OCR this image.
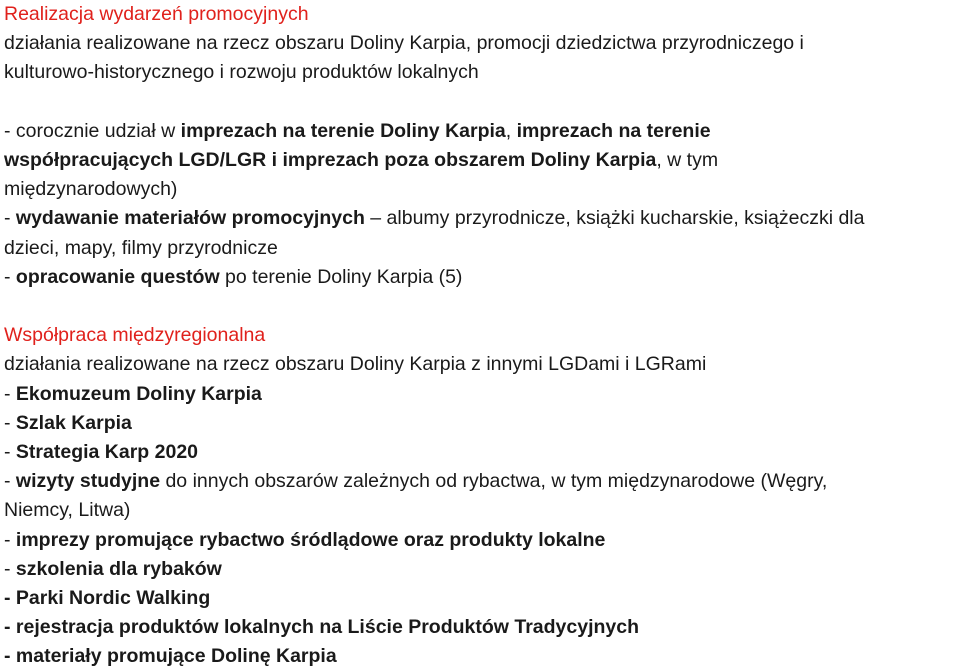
Realizacja wydarzeń promocyjnych
działania realizowane na rzecz obszaru Doliny Karpia, promocji dziedzictwa przyrodniczego i
kulturowo-historycznego i rozwoju produktów lokalnych
- corocznie udział w imprezach na terenie Doliny Karpia, imprezach na terenie
współpracujących LGD/LGR i imprezach poza obszarem Doliny Karpia, w tym
międzynarodowych)
- wydawanie materiałów promocyjnych – albumy przyrodnicze, książki kucharskie, książeczki dla
dzieci, mapy, filmy przyrodnicze
- opracowanie questów po terenie Doliny Karpia (5)
Współpraca międzyregionalna
działania realizowane na rzecz obszaru Doliny Karpia z innymi LGDami i LGRami
- Ekomuzeum Doliny Karpia
- Szlak Karpia
- Strategia Karp 2020
- wizyty studyjne do innych obszarów zależnych od rybactwa, w tym międzynarodowe (Węgry,
Niemcy, Litwa)
- imprezy promujące rybactwo śródlądowe oraz produkty lokalne
- szkolenia dla rybaków
- Parki Nordic Walking
- rejestracja produktów lokalnych na Liście Produktów Tradycyjnych
- materiały promujące Dolinę Karpia
